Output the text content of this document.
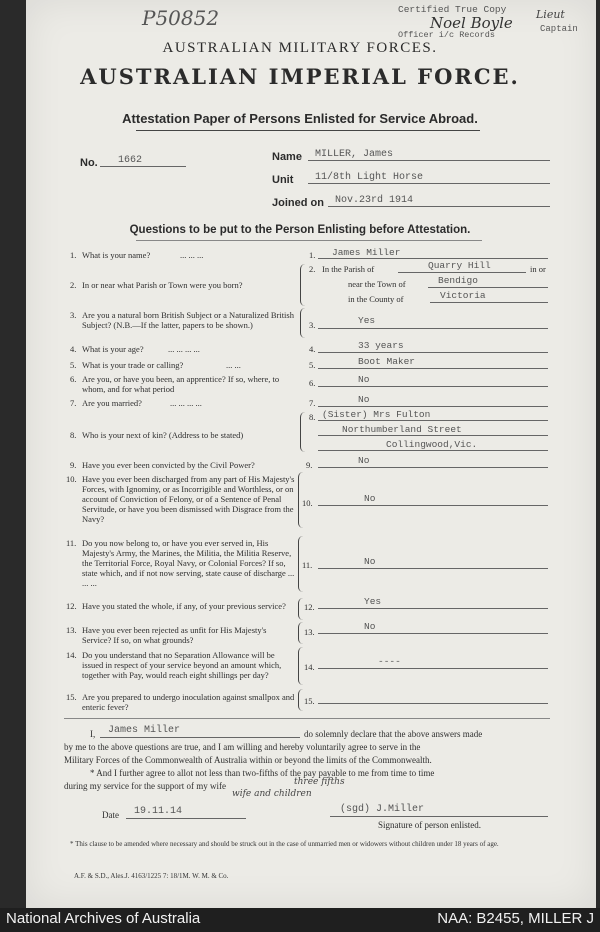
P50852	Certified True Copy	Lieut
Noel Boyle	Captain
Officer i/c Records
AUSTRALIAN MILITARY FORCES.
AUSTRALIAN IMPERIAL FORCE.
Attestation Paper of Persons Enlisted for Service Abroad.
No. 1662	Name MILLER, James
Unit 11/8th Light Horse
Joined on Nov.23rd 1914
Questions to be put to the Person Enlisting before Attestation.
1. What is your name?	... ... ...	1. James Miller
2. In or near what Parish or Town were you born?
2. In the Parish of	Quarry Hill	in or
near the Town of	Bendigo
in the County of	Victoria
3. Are you a natural born British Subject or a Naturalized British Subject? (N.B.—If the latter, papers to be shown.)	3.	Yes
4. What is your age?	... ... ... ...	4.	33 years
5. What is your trade or calling?	... ...	5.	Boot Maker
6. Are you, or have you been, an apprentice? If so, where, to whom, and for what period
6.	No
7. Are you married?	... ... ... ...	7.	No
8. Who is your next of kin? (Address to be stated)
8. (Sister) Mrs Fulton
Northumberland Street
Collingwood,Vic.
9. Have you ever been convicted by the Civil Power?	9.	No
10. Have you ever been discharged from any part of His Majesty's Forces, with Ignominy, or as Incorrigible and Worthless, or on account of Conviction of Felony, or of a Sentence of Penal Servitude, or have you been dismissed with Disgrace from the Navy?
10.	No
11. Do you now belong to, or have you ever served in, His Majesty's Army, the Marines, the Militia, the Militia Reserve, the Territorial Force, Royal Navy, or Colonial Forces? If so, state which, and if not now serving, state cause of discharge ... ... ...
11.	No
12. Have you stated the whole, if any, of your previous service?	12.	Yes
13. Have you ever been rejected as unfit for His Majesty's Service? If so, on what grounds?
13.	No
14. Do you understand that no Separation Allowance will be issued in respect of your service beyond an amount which, together with Pay, would reach eight shillings per day?
14.	----
15. Are you prepared to undergo inoculation against smallpox and enteric fever?
15.
I, James Miller	do solemnly declare that the above answers made
by me to the above questions are true, and I am willing and hereby voluntarily agree to serve in the
Military Forces of the Commonwealth of Australia within or beyond the limits of the Commonwealth.
* And I further agree to allot not less than two-fifths of the pay payable to me from time to time
during my service for the support of my wife	three fifths
wife and children
Date 19.11.14	(sgd) J.Miller
Signature of person enlisted.
* This clause to be amended where necessary and should be struck out in the case of unmarried men or widowers without children under 18 years of age.
A.F. & S.D., Ales.J. 4163/1225 7: 18/1M. W. M. & Co.
National Archives of Australia	NAA: B2455, MILLER J
